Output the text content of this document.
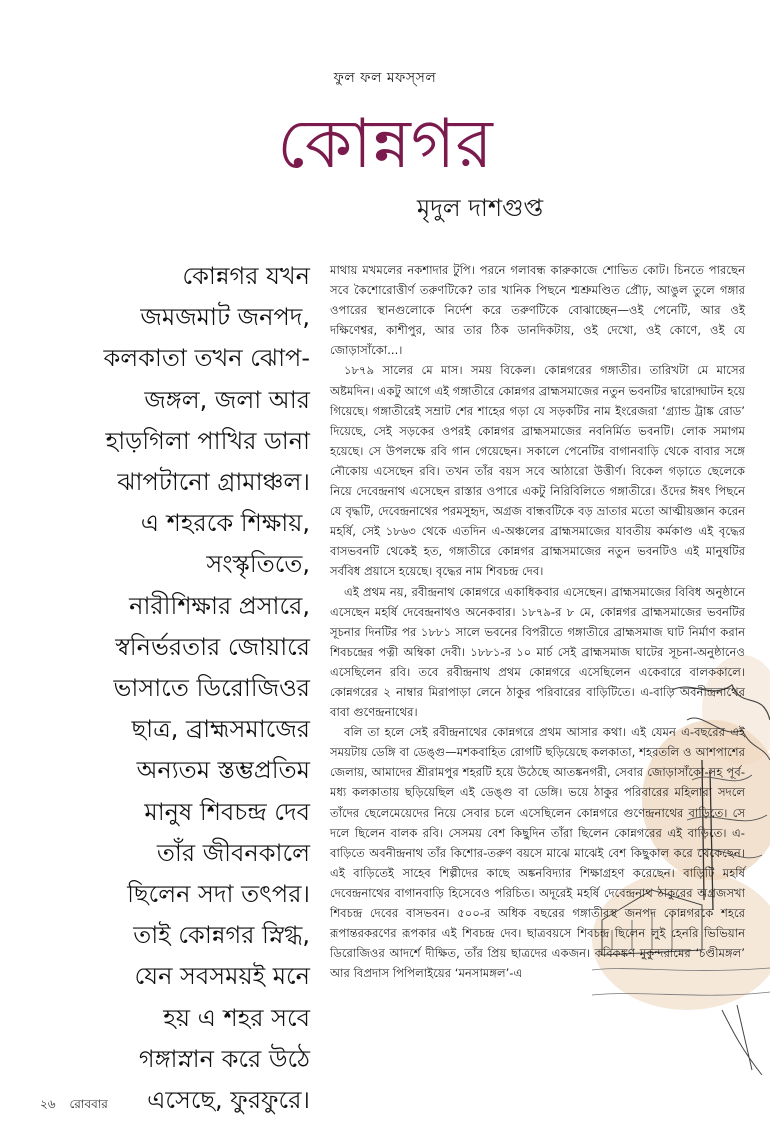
ফুল ফল মফস্‌সল
কোন্নগর
মৃদুল দাশগুপ্ত
কোন্নগর যখন
জমজমাট জনপদ,
কলকাতা তখন ঝোপ-
জঙ্গল, জলা আর
হাড়গিলা পাখির ডানা
ঝাপটানো গ্রামাঞ্চল।
এ শহরকে শিক্ষায়,
সংস্কৃতিতে,
নারীশিক্ষার প্রসারে,
স্বনির্ভরতার জোয়ারে
ভাসাতে ডিরোজিওর
ছাত্র, ব্রাহ্মসমাজের
অন্যতম স্তম্ভপ্রতিম
মানুষ শিবচন্দ্র দেব
তাঁর জীবনকালে
ছিলেন সদা তৎপর।
তাই কোন্নগর স্নিগ্ধ,
যেন সবসময়ই মনে
হয় এ শহর সবে
গঙ্গাস্নান করে উঠে
এসেছে, ফুরফুরে।

মাথায় মখমলের নকশাদার টুপি। পরনে গলাবন্ধ কারুকাজে শোভিত কোট। চিনতে পারছেন সবে কৈশোরোত্তীর্ণ তরুণটিকে? তার খানিক পিছনে শ্মশ্রুমণ্ডিত প্রৌঢ়, আঙুল তুলে গঙ্গার ওপারের স্থানগুলোকে নির্দেশ করে তরুণটিকে বোঝাচ্ছেন—ওই পেনেটি, আর ওই দক্ষিণেশ্বর, কাশীপুর, আর তার ঠিক ডানদিকটায়, ওই দেখো, ওই কোণে, ওই যে জোড়াসাঁকো...।

১৮৭৯ সালের মে মাস। সময় বিকেল। কোন্নগরের গঙ্গাতীর। তারিখটা মে মাসের অষ্টমদিন। একটু আগে এই গঙ্গাতীরে কোন্নগর ব্রাহ্মসমাজের নতুন ভবনটির দ্বারোদ্ঘাটন হয়ে গিয়েছে। গঙ্গাতীরেই সম্রাট শের শাহের গড়া যে সড়কটির নাম ইংরেজরা ‘গ্র্যান্ড ট্রাঙ্ক রোড’ দিয়েছে, সেই সড়কের ওপরই কোন্নগর ব্রাহ্মসমাজের নবনির্মিত ভবনটি। লোক সমাগম হয়েছে। সে উপলক্ষে রবি গান গেয়েছেন। সকালে পেনেটির বাগানবাড়ি থেকে বাবার সঙ্গে নৌকোয় এসেছেন রবি। তখন তাঁর বয়স সবে আঠারো উত্তীর্ণ। বিকেল গড়াতে ছেলেকে নিয়ে দেবেন্দ্রনাথ এসেছেন রাস্তার ওপারে একটু নিরিবিলিতে গঙ্গাতীরে। ওঁদের ঈষৎ পিছনে যে বৃদ্ধটি, দেবেন্দ্রনাথের পরমসুহৃদ, অগ্রজ বান্ধবটিকে বড় ভ্রাতার মতো আত্মীয়জ্ঞান করেন মহর্ষি, সেই ১৮৬৩ থেকে এতদিন এ-অঞ্চলের ব্রাহ্মসমাজের যাবতীয় কর্মকাণ্ড এই বৃদ্ধের বাসভবনটি থেকেই হত, গঙ্গাতীরে কোন্নগর ব্রাহ্মসমাজের নতুন ভবনটিও এই মানুষটির সর্ববিধ প্রয়াসে হয়েছে। বৃদ্ধের নাম শিবচন্দ্র দেব।

এই প্রথম নয়, রবীন্দ্রনাথ কোন্নগরে একাধিকবার এসেছেন। ব্রাহ্মসমাজের বিবিধ অনুষ্ঠানে এসেছেন মহর্ষি দেবেন্দ্রনাথও অনেকবার। ১৮৭৯-র ৮ মে, কোন্নগর ব্রাহ্মসমাজের ভবনটির সূচনার দিনটির পর ১৮৮১ সালে ভবনের বিপরীতে গঙ্গাতীরে ব্রাহ্মসমাজ ঘাট নির্মাণ করান শিবচন্দ্রের পত্নী অম্বিকা দেবী। ১৮৮১-র ১০ মার্চ সেই ব্রাহ্মসমাজ ঘাটের সূচনা-অনুষ্ঠানেও এসেছিলেন রবি। তবে রবীন্দ্রনাথ প্রথম কোন্নগরে এসেছিলেন একেবারে বালককালে। কোন্নগরের ২ নাম্বার মিরাপাড়া লেনে ঠাকুর পরিবারের বাড়িটিতে। এ-বাড়ি অবনীন্দ্রনাথের বাবা গুণেন্দ্রনাথের।

বলি তা হলে সেই রবীন্দ্রনাথের কোন্নগরে প্রথম আসার কথা। এই যেমন এ-বছরের এই সময়টায় ডেঙ্গি বা ডেঙ্গু—মশকবাহিত রোগটি ছড়িয়েছে কলকাতা, শহরতলি ও আশপাশের জেলায়, আমাদের শ্রীরামপুর শহরটি হয়ে উঠেছে আতঙ্কনগরী, সেবার জোড়াসাঁকো-সহ পূর্ব-মধ্য কলকাতায় ছড়িয়েছিল এই ডেঙ্গু বা ডেঙ্গি। ভয়ে ঠাকুর পরিবারের মহিলারা সদলে তাঁদের ছেলেমেয়েদের নিয়ে সেবার চলে এসেছিলেন কোন্নগরে গুণেন্দ্রনাথের বাড়িতে। সে দলে ছিলেন বালক রবি। সেসময় বেশ কিছুদিন তাঁরা ছিলেন কোন্নগরের এই বাড়িতে। এ-বাড়িতে অবনীন্দ্রনাথ তাঁর কিশোর-তরুণ বয়সে মাঝে মাঝেই বেশ কিছুকাল করে থেকেছেন। এই বাড়িতেই সাহেব শিল্পীদের কাছে অঙ্কনবিদ্যার শিক্ষাগ্রহণ করেছেন। বাড়িটি মহর্ষি দেবেন্দ্রনাথের বাগানবাড়ি হিসেবেও পরিচিত। অদূরেই মহর্ষি দেবেন্দ্রনাথ ঠাকুরের অগ্রজসখা শিবচন্দ্র দেবের বাসভবন। ৫০০-র অধিক বছরের গঙ্গাতীরস্থ জনপদ কোন্নগরকে শহরে রূপান্তরকরণের রূপকার এই শিবচন্দ্র দেব। ছাত্রবয়সে শিবচন্দ্র ছিলেন লুই হেনরি ভিভিয়ান ডিরোজিওর আদর্শে দীক্ষিত, তাঁর প্রিয় ছাত্রদের একজন। কবিকঙ্কণ মুকুন্দরামের ‘চণ্ডীমঙ্গল’ আর বিপ্রদাস পিপিলাইয়ের ‘মনসামঙ্গল’-এ

২৬ রোববার
